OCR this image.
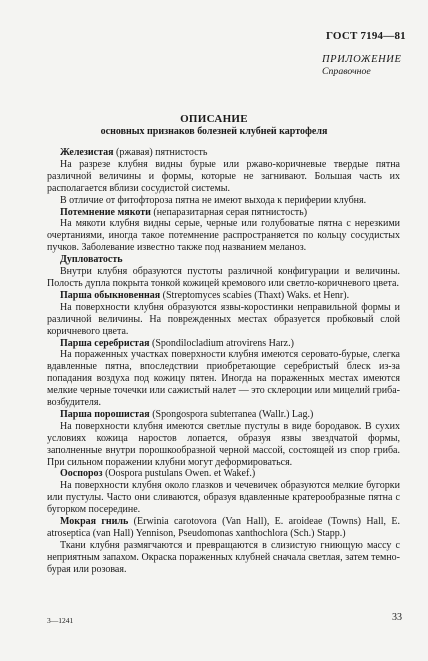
ГОСТ 7194—81
ПРИЛОЖЕНИЕ
Справочное
ОПИСАНИЕ
основных признаков болезней клубней картофеля

Железистая (ржавая) пятнистость

На разрезе клубня видны бурые или ржаво-коричневые твердые пятна различной величины и формы, которые не загнивают. Большая часть их располагается вблизи сосудистой системы.

В отличие от фитофтороза пятна не имеют выхода к периферии клубня.

Потемнение мякоти (непаразитарная серая пятнистость)

На мякоти клубня видны серые, черные или голубоватые пятна с нерезкими очертаниями, иногда такое потемнение распространяется по кольцу сосудистых пучков. Заболевание известно также под названием меланоз.

Дупловатость

Внутри клубня образуются пустоты различной конфигурации и величины. Полость дупла покрыта тонкой кожицей кремового или светло-коричневого цвета.

Парша обыкновенная (Streptomyces scabies (Thaxt) Waks. et Henr).

На поверхности клубня образуются язвы-коростинки неправильной формы и различной величины. На поврежденных местах образуется пробковый слой коричневого цвета.

Парша серебристая (Spondilocladium atrovirens Harz.)

На пораженных участках поверхности клубня имеются серовато-бурые, слегка вдавленные пятна, впоследствии приобретающие серебристый блеск из-за попадания воздуха под кожицу пятен. Иногда на пораженных местах имеются мелкие черные точечки или сажистый налет — это склероции или мицелий гриба-возбудителя.

Парша порошистая (Spongospora subterranea (Wallr.) Lag.)

На поверхности клубня имеются светлые пустулы в виде бородавок. В сухих условиях кожица наростов лопается, образуя язвы звездчатой формы, заполненные внутри порошкообразной черной массой, состоящей из спор гриба. При сильном поражении клубни могут деформироваться.

Ооспороз (Oospora pustulans Owen. et Wakef.)

На поверхности клубня около глазков и чечевичек образуются мелкие бугорки или пустулы. Часто они сливаются, образуя вдавленные кратерообразные пятна с бугорком посередине.

Мокрая гниль (Erwinia carotovora (Van Hall), E. aroideae (Towns) Hall, E. atroseptica (van Hall) Yennison, Pseudomonas xanthochlora (Sch.) Stapp.)

Ткани клубня размягчаются и превращаются в слизистую гниющую массу с неприятным запахом. Окраска пораженных клубней сначала светлая, затем темно-бурая или розовая.

3—1241	33
